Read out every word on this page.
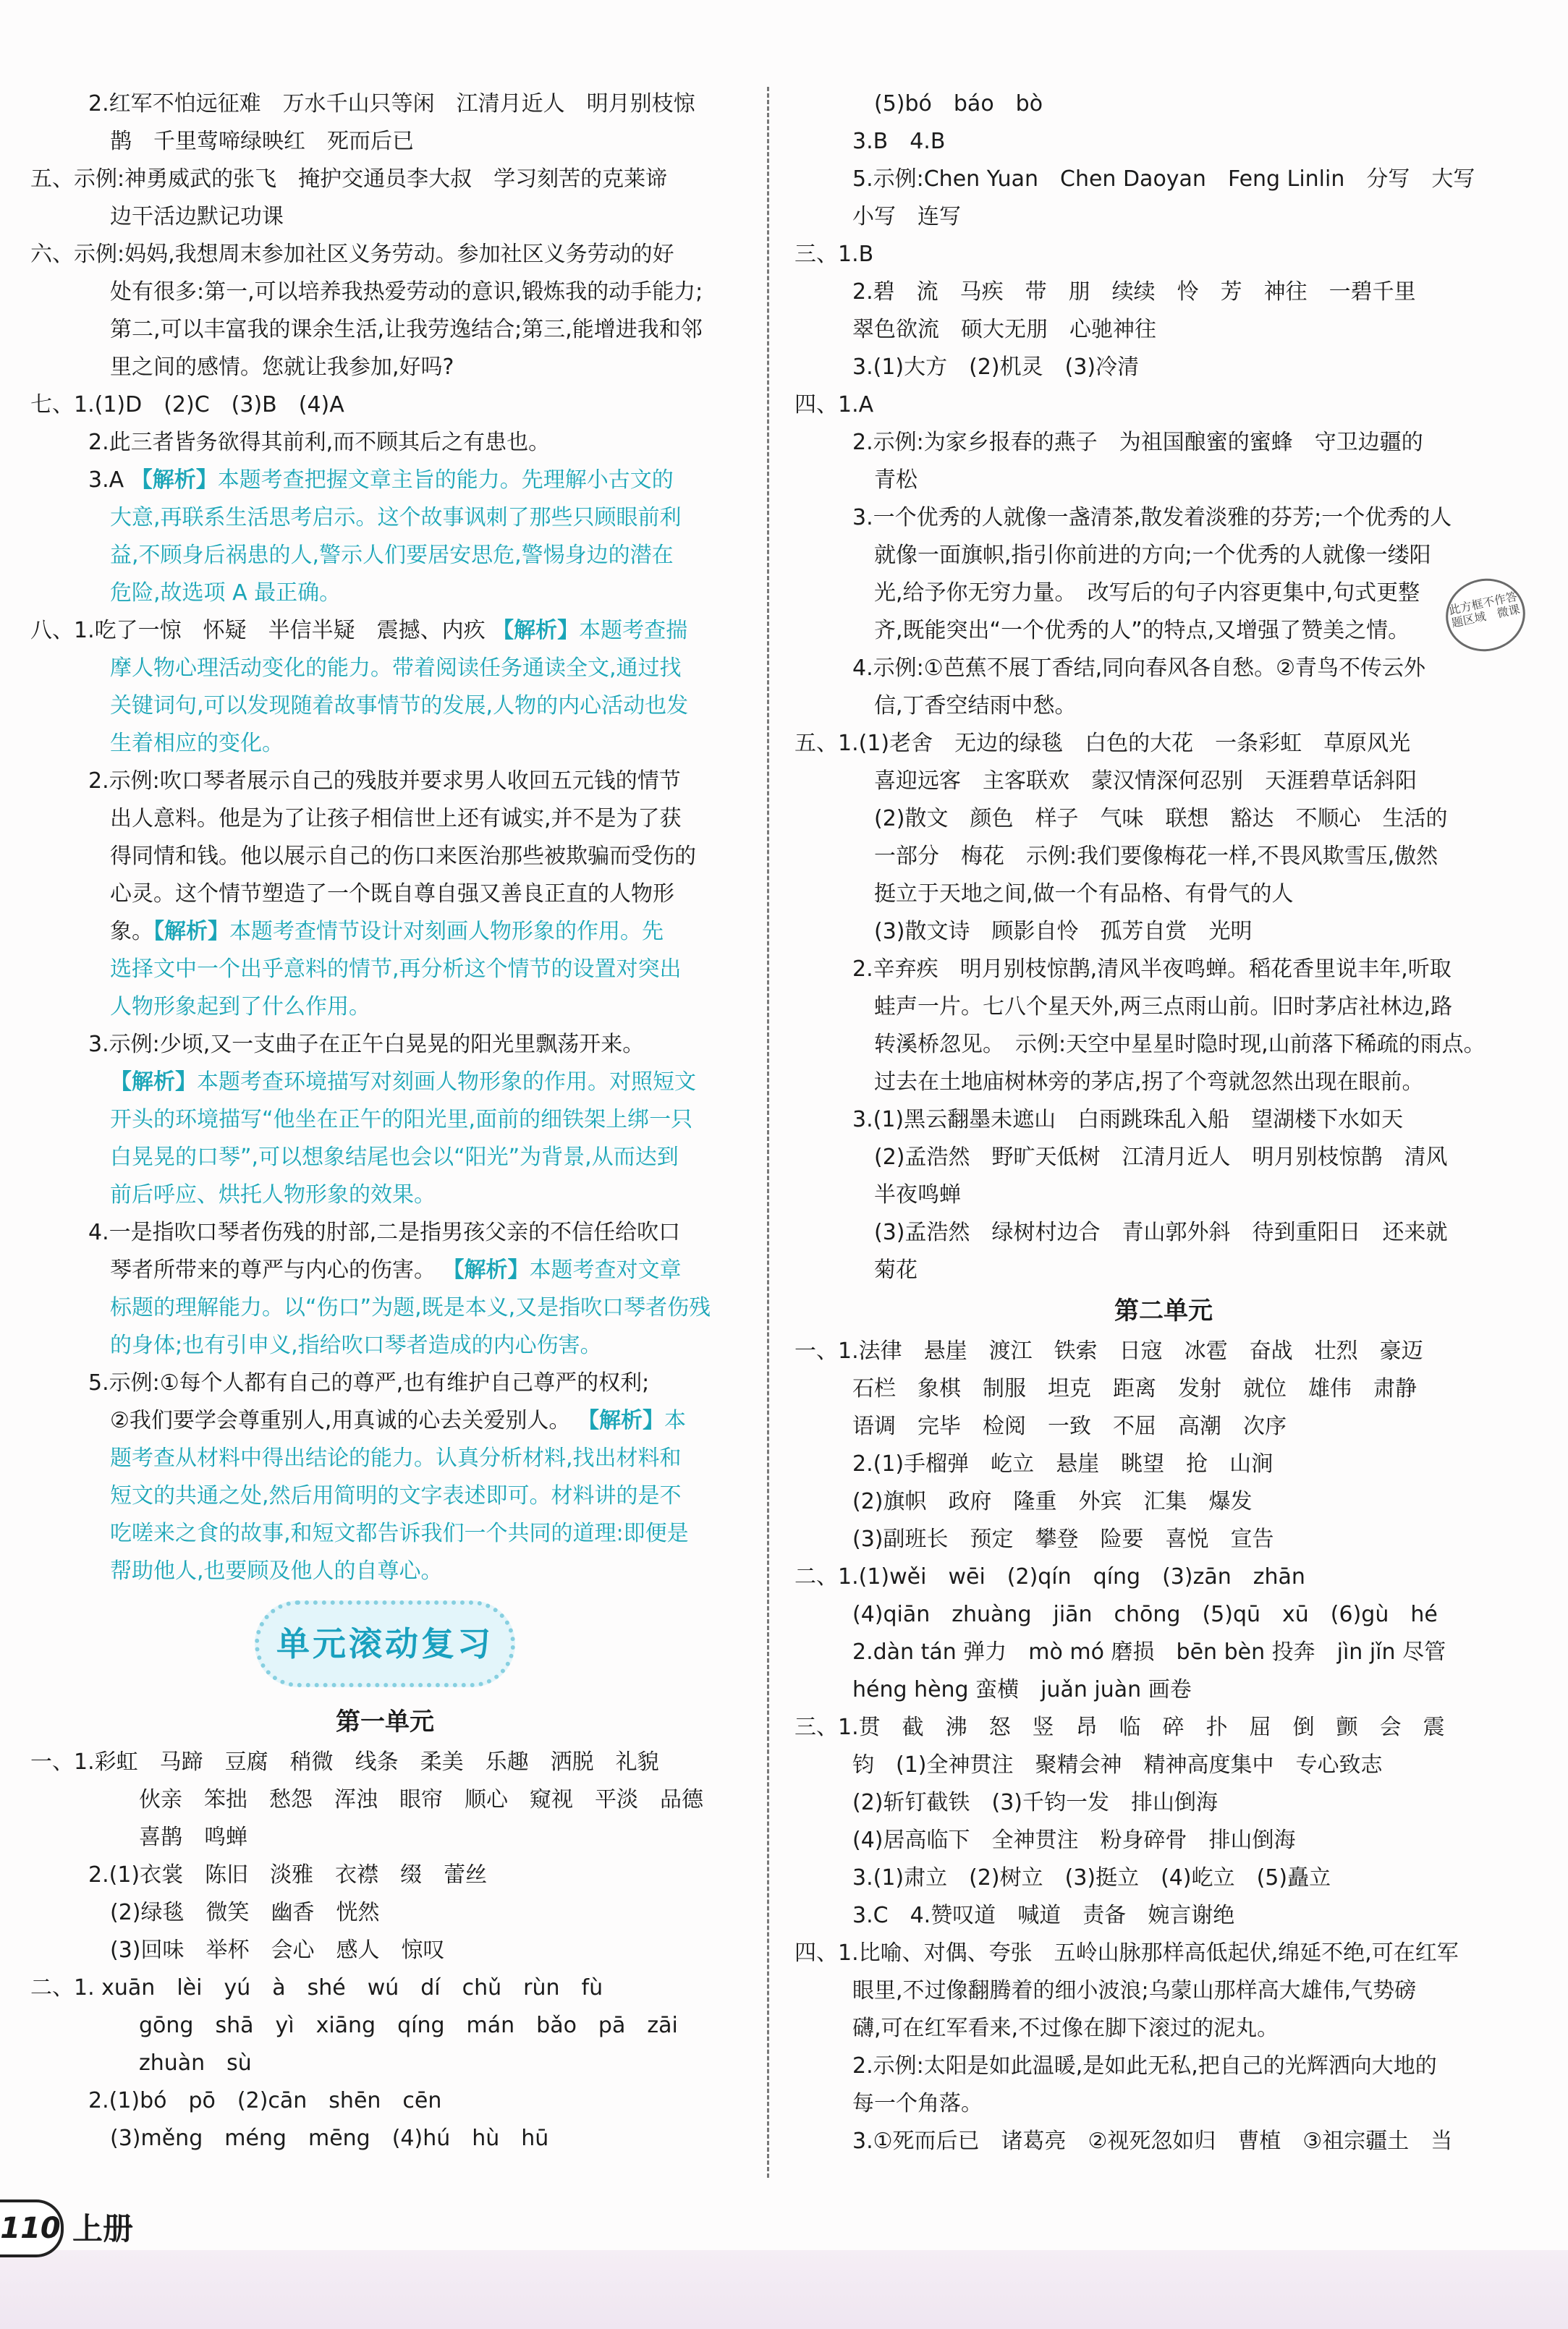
2.红军不怕远征难　万水千山只等闲　江清月近人　明月别枝惊
鹊　千里莺啼绿映红　死而后已
五、示例:神勇威武的张飞　掩护交通员李大叔　学习刻苦的克莱谛
边干活边默记功课
六、示例:妈妈,我想周末参加社区义务劳动。参加社区义务劳动的好
处有很多:第一,可以培养我热爱劳动的意识,锻炼我的动手能力;
第二,可以丰富我的课余生活,让我劳逸结合;第三,能增进我和邻
里之间的感情。您就让我参加,好吗?
七、1.(1)D　(2)C　(3)B　(4)A
2.此三者皆务欲得其前利,而不顾其后之有患也。
3.A 【解析】本题考查把握文章主旨的能力。先理解小古文的
大意,再联系生活思考启示。这个故事讽刺了那些只顾眼前利
益,不顾身后祸患的人,警示人们要居安思危,警惕身边的潜在
危险,故选项 A 最正确。
八、1.吃了一惊　怀疑　半信半疑　震撼、内疚 【解析】本题考查揣
摩人物心理活动变化的能力。带着阅读任务通读全文,通过找
关键词句,可以发现随着故事情节的发展,人物的内心活动也发
生着相应的变化。
2.示例:吹口琴者展示自己的残肢并要求男人收回五元钱的情节
出人意料。他是为了让孩子相信世上还有诚实,并不是为了获
得同情和钱。他以展示自己的伤口来医治那些被欺骗而受伤的
心灵。这个情节塑造了一个既自尊自强又善良正直的人物形
象。【解析】本题考查情节设计对刻画人物形象的作用。先
选择文中一个出乎意料的情节,再分析这个情节的设置对突出
人物形象起到了什么作用。
3.示例:少顷,又一支曲子在正午白晃晃的阳光里飘荡开来。
【解析】本题考查环境描写对刻画人物形象的作用。对照短文
开头的环境描写“他坐在正午的阳光里,面前的细铁架上绑一只
白晃晃的口琴”,可以想象结尾也会以“阳光”为背景,从而达到
前后呼应、烘托人物形象的效果。
4.一是指吹口琴者伤残的肘部,二是指男孩父亲的不信任给吹口
琴者所带来的尊严与内心的伤害。 【解析】本题考查对文章
标题的理解能力。以“伤口”为题,既是本义,又是指吹口琴者伤残
的身体;也有引申义,指给吹口琴者造成的内心伤害。
5.示例:①每个人都有自己的尊严,也有维护自己尊严的权利;
②我们要学会尊重别人,用真诚的心去关爱别人。 【解析】本
题考查从材料中得出结论的能力。认真分析材料,找出材料和
短文的共通之处,然后用简明的文字表述即可。材料讲的是不
吃嗟来之食的故事,和短文都告诉我们一个共同的道理:即便是
帮助他人,也要顾及他人的自尊心。
单元滚动复习
第一单元
一、1.彩虹　马蹄　豆腐　稍微　线条　柔美　乐趣　洒脱　礼貌
伙亲　笨拙　愁怨　浑浊　眼帘　顺心　窥视　平淡　品德
喜鹊　鸣蝉
2.(1)衣裳　陈旧　淡雅　衣襟　缀　蕾丝
(2)绿毯　微笑　幽香　恍然
(3)回味　举杯　会心　感人　惊叹
二、1. xuān　lèi　yú　à　shé　wú　dí　chǔ　rùn　fù
gōng　shā　yì　xiāng　qíng　mán　bǎo　pā　zāi
zhuàn　sù
2.(1)bó　pō　(2)cān　shēn　cēn
(3)měng　méng　mēng　(4)hú　hù　hū
(5)bó　báo　bò
3.B　4.B
5.示例:Chen Yuan　Chen Daoyan　Feng Linlin　分写　大写
小写　连写
三、1.B
2.碧　流　马疾　带　朋　续续　怜　芳　神往　一碧千里
翠色欲流　硕大无朋　心驰神往
3.(1)大方　(2)机灵　(3)冷清
四、1.A
2.示例:为家乡报春的燕子　为祖国酿蜜的蜜蜂　守卫边疆的
青松
3.一个优秀的人就像一盏清茶,散发着淡雅的芬芳;一个优秀的人
就像一面旗帜,指引你前进的方向;一个优秀的人就像一缕阳
光,给予你无穷力量。　改写后的句子内容更集中,句式更整
齐,既能突出“一个优秀的人”的特点,又增强了赞美之情。
4.示例:①芭蕉不展丁香结,同向春风各自愁。②青鸟不传云外
信,丁香空结雨中愁。
五、1.(1)老舍　无边的绿毯　白色的大花　一条彩虹　草原风光
喜迎远客　主客联欢　蒙汉情深何忍别　天涯碧草话斜阳
(2)散文　颜色　样子　气味　联想　豁达　不顺心　生活的
一部分　梅花　示例:我们要像梅花一样,不畏风欺雪压,傲然
挺立于天地之间,做一个有品格、有骨气的人
(3)散文诗　顾影自怜　孤芳自赏　光明
2.辛弃疾　明月别枝惊鹊,清风半夜鸣蝉。稻花香里说丰年,听取
蛙声一片。七八个星天外,两三点雨山前。旧时茅店社林边,路
转溪桥忽见。　示例:天空中星星时隐时现,山前落下稀疏的雨点。
过去在土地庙树林旁的茅店,拐了个弯就忽然出现在眼前。
3.(1)黑云翻墨未遮山　白雨跳珠乱入船　望湖楼下水如天
(2)孟浩然　野旷天低树　江清月近人　明月别枝惊鹊　清风
半夜鸣蝉
(3)孟浩然　绿树村边合　青山郭外斜　待到重阳日　还来就
菊花
第二单元
一、1.法律　悬崖　渡江　铁索　日寇　冰雹　奋战　壮烈　豪迈
石栏　象棋　制服　坦克　距离　发射　就位　雄伟　肃静
语调　完毕　检阅　一致　不屈　高潮　次序
2.(1)手榴弹　屹立　悬崖　眺望　抢　山涧
(2)旗帜　政府　隆重　外宾　汇集　爆发
(3)副班长　预定　攀登　险要　喜悦　宣告
二、1.(1)wěi　wēi　(2)qín　qíng　(3)zān　zhān
(4)qiān　zhuàng　jiān　chōng　(5)qū　xū　(6)gù　hé
2.dàn tán 弹力　mò mó 磨损　bēn bèn 投奔　jìn jǐn 尽管
héng hèng 蛮横　juǎn juàn 画卷
三、1.贯　截　沸　怒　竖　昂　临　碎　扑　屈　倒　颤　会　震
钧　(1)全神贯注　聚精会神　精神高度集中　专心致志
(2)斩钉截铁　(3)千钧一发　排山倒海
(4)居高临下　全神贯注　粉身碎骨　排山倒海
3.(1)肃立　(2)树立　(3)挺立　(4)屹立　(5)矗立
3.C　4.赞叹道　喊道　责备　婉言谢绝
四、1.比喻、对偶、夸张　五岭山脉那样高低起伏,绵延不绝,可在红军
眼里,不过像翻腾着的细小波浪;乌蒙山那样高大雄伟,气势磅
礴,可在红军看来,不过像在脚下滚过的泥丸。
2.示例:太阳是如此温暖,是如此无私,把自己的光辉洒向大地的
每一个角落。
3.①死而后已　诸葛亮　②视死忽如归　曹植　③祖宗疆土　当
此方框不作答题区域　微课
110 上册
